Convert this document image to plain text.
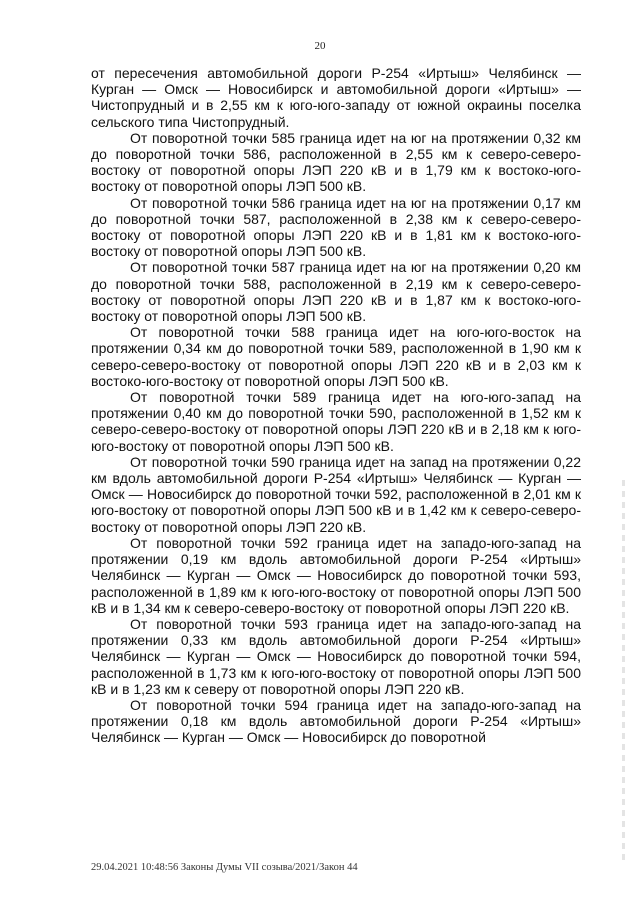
20

от пересечения автомобильной дороги Р-254 «Иртыш» Челябинск — Курган — Омск — Новосибирск и автомобильной дороги «Иртыш» — Чистопрудный и в 2,55 км к юго-юго-западу от южной окраины поселка сельского типа Чистопрудный.

От поворотной точки 585 граница идет на юг на протяжении 0,32 км до поворотной точки 586, расположенной в 2,55 км к северо-северо-востоку от поворотной опоры ЛЭП 220 кВ и в 1,79 км к востоко-юго-востоку от поворотной опоры ЛЭП 500 кВ.

От поворотной точки 586 граница идет на юг на протяжении 0,17 км до поворотной точки 587, расположенной в 2,38 км к северо-северо-востоку от поворотной опоры ЛЭП 220 кВ и в 1,81 км к востоко-юго-востоку от поворотной опоры ЛЭП 500 кВ.

От поворотной точки 587 граница идет на юг на протяжении 0,20 км до поворотной точки 588, расположенной в 2,19 км к северо-северо-востоку от поворотной опоры ЛЭП 220 кВ и в 1,87 км к востоко-юго-востоку от поворотной опоры ЛЭП 500 кВ.

От поворотной точки 588 граница идет на юго-юго-восток на протяжении 0,34 км до поворотной точки 589, расположенной в 1,90 км к северо-северо-востоку от поворотной опоры ЛЭП 220 кВ и в 2,03 км к востоко-юго-востоку от поворотной опоры ЛЭП 500 кВ.

От поворотной точки 589 граница идет на юго-юго-запад на протяжении 0,40 км до поворотной точки 590, расположенной в 1,52 км к северо-северо-востоку от поворотной опоры ЛЭП 220 кВ и в 2,18 км к юго-юго-востоку от поворотной опоры ЛЭП 500 кВ.

От поворотной точки 590 граница идет на запад на протяжении 0,22 км вдоль автомобильной дороги Р-254 «Иртыш» Челябинск — Курган — Омск — Новосибирск до поворотной точки 592, расположенной в 2,01 км к юго-востоку от поворотной опоры ЛЭП 500 кВ и в 1,42 км к северо-северо-востоку от поворотной опоры ЛЭП 220 кВ.

От поворотной точки 592 граница идет на западо-юго-запад на протяжении 0,19 км вдоль автомобильной дороги Р-254 «Иртыш» Челябинск — Курган — Омск — Новосибирск до поворотной точки 593, расположенной в 1,89 км к юго-юго-востоку от поворотной опоры ЛЭП 500 кВ и в 1,34 км к северо-северо-востоку от поворотной опоры ЛЭП 220 кВ.

От поворотной точки 593 граница идет на западо-юго-запад на протяжении 0,33 км вдоль автомобильной дороги Р-254 «Иртыш» Челябинск — Курган — Омск — Новосибирск до поворотной точки 594, расположенной в 1,73 км к юго-юго-востоку от поворотной опоры ЛЭП 500 кВ и в 1,23 км к северу от поворотной опоры ЛЭП 220 кВ.

От поворотной точки 594 граница идет на западо-юго-запад на протяжении 0,18 км вдоль автомобильной дороги Р-254 «Иртыш» Челябинск — Курган — Омск — Новосибирск до поворотной

29.04.2021 10:48:56 Законы Думы VII созыва/2021/Закон 44
